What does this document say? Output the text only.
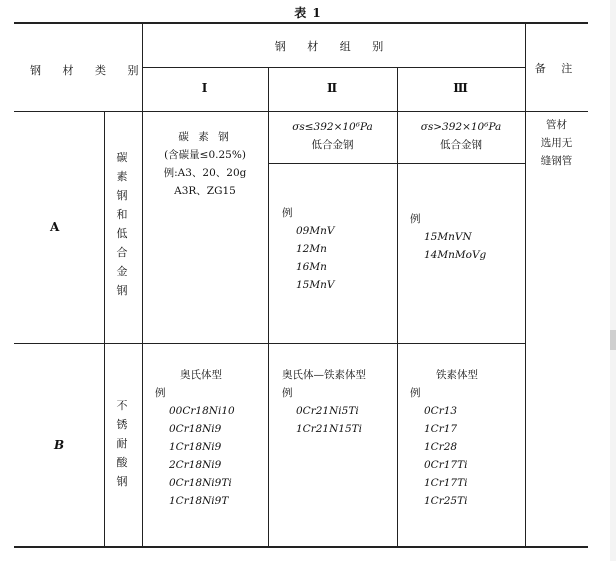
表 1
钢 材 类 别
钢 材 组 别
备 注
Ⅰ	Ⅱ	Ⅲ
A
碳
素
钢
和
低
合
金
钢
碳 素 钢
(含碳量≤0.25%)
例:A3、20、20g
A3R、ZG15
σs≤392×10⁶Pa
低合金钢
例
09MnV
12Mn
16Mn
15MnV
σs>392×10⁶Pa
低合金钢
例
15MnVN
14MnMoVg
管材
选用无
缝钢管
B
不
锈
耐
酸
钢
奥氏体型
例
00Cr18Ni10
0Cr18Ni9
1Cr18Ni9
2Cr18Ni9
0Cr18Ni9Ti
1Cr18Ni9T
奥氏体—铁素体型
例
0Cr21Ni5Ti
1Cr21N15Ti
铁素体型
例
0Cr13
1Cr17
1Cr28
0Cr17Ti
1Cr17Ti
1Cr25Ti
